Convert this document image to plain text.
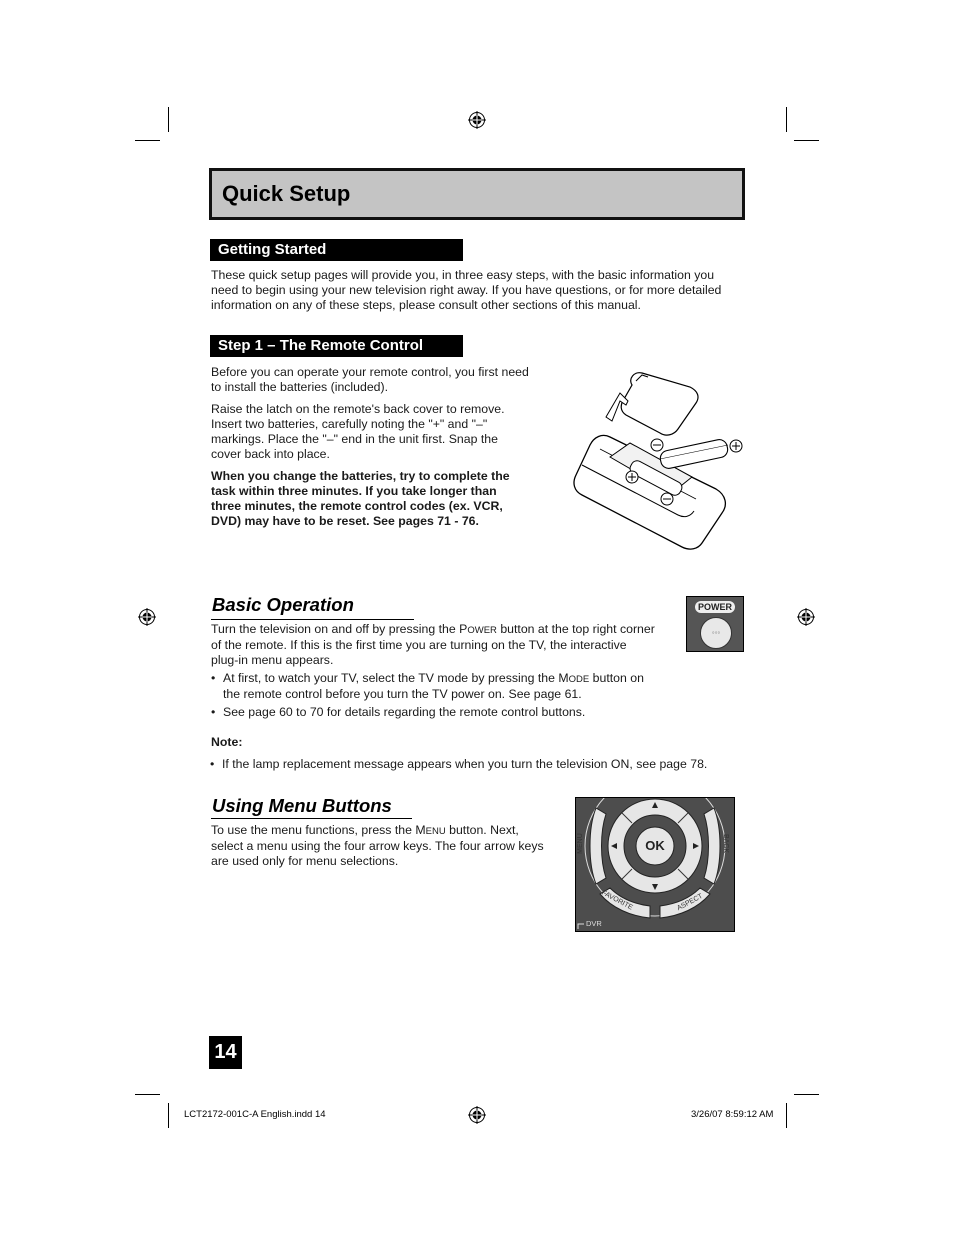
Quick Setup
Getting Started
These quick setup pages will provide you, in three easy steps, with the basic information you
need to begin using your new television right away. If you have questions, or for more detailed
information on any of these steps, please consult other sections of this manual.
Step 1 – The Remote Control
Before you can operate your remote control, you first need
to install the batteries (included).
Raise the latch on the remote's back cover to remove.
Insert two batteries, carefully noting the "+" and "–"
markings. Place the "–" end in the unit first. Snap the
cover back into place.
When you change the batteries, try to complete the
task within three minutes. If you take longer than
three minutes, the remote control codes (ex. VCR,
DVD) may have to be reset. See pages 71 - 76.
Basic Operation
Turn the television on and off by pressing the POWER button at the top right corner
of the remote. If this is the first time you are turning on the TV, the interactive
plug-in menu appears.
• At first, to watch your TV, select the TV mode by pressing the MODE button on
the remote control before you turn the TV power on. See page 61.
• See page 60 to 70 for details regarding the remote control buttons.
Note:
• If the lamp replacement message appears when you turn the television ON, see page 78.
POWER
◦◦◦
Using Menu Buttons
To use the menu functions, press the MENU button. Next,
select a menu using the four arrow keys. The four arrow keys
are used only for menu selections.
OK
MENU	BACK
FAVORITE	ASPECT
DVR
14
LCT2172-001C-A English.indd 14	3/26/07 8:59:12 AM
